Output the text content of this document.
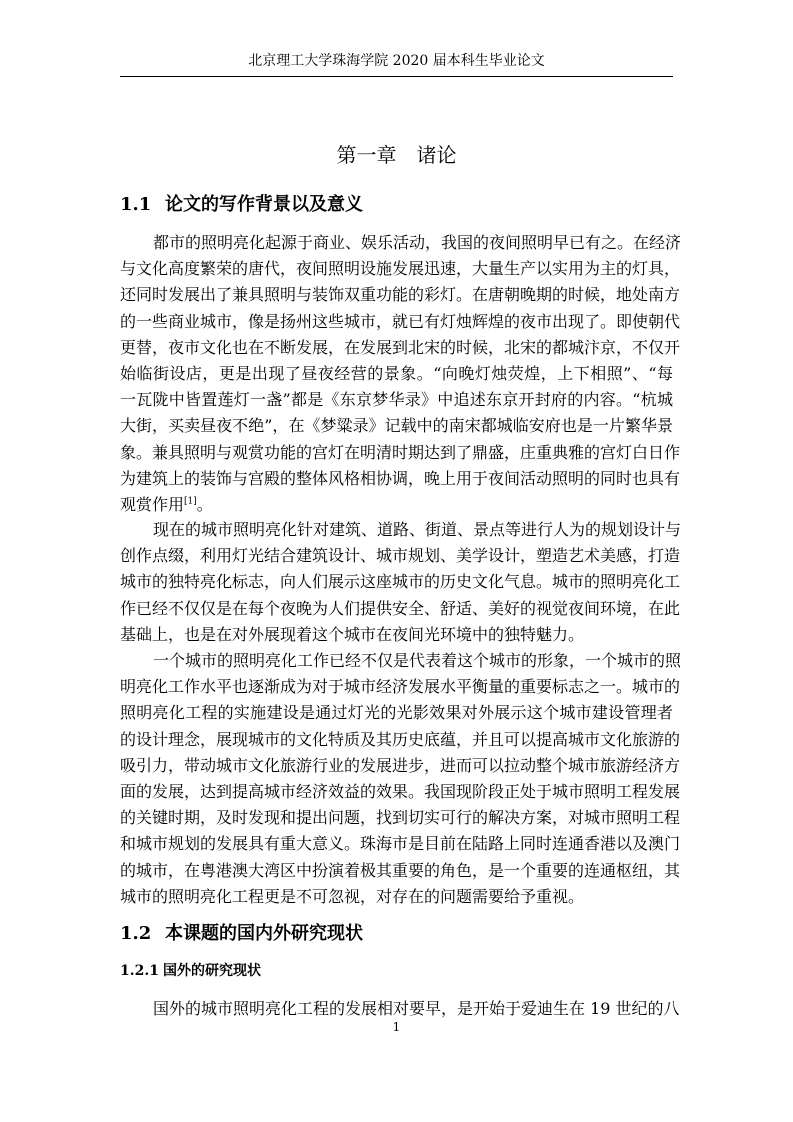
北京理工大学珠海学院 2020 届本科生毕业论文
第一章　诸论
1.1 论文的写作背景以及意义
都市的照明亮化起源于商业、娱乐活动，我国的夜间照明早已有之。在经济
与文化高度繁荣的唐代，夜间照明设施发展迅速，大量生产以实用为主的灯具，
还同时发展出了兼具照明与装饰双重功能的彩灯。在唐朝晚期的时候，地处南方
的一些商业城市，像是扬州这些城市，就已有灯烛辉煌的夜市出现了。即使朝代
更替，夜市文化也在不断发展，在发展到北宋的时候，北宋的都城汴京，不仅开
始临街设店，更是出现了昼夜经营的景象。“向晚灯烛荧煌，上下相照”、“每
一瓦陇中皆置莲灯一盏”都是《东京梦华录》中追述东京开封府的内容。“杭城
大街，买卖昼夜不绝”，在《梦粱录》记载中的南宋都城临安府也是一片繁华景
象。兼具照明与观赏功能的宫灯在明清时期达到了鼎盛，庄重典雅的宫灯白日作
为建筑上的装饰与宫殿的整体风格相协调，晚上用于夜间活动照明的同时也具有
观赏作用[1]。
现在的城市照明亮化针对建筑、道路、街道、景点等进行人为的规划设计与
创作点缀，利用灯光结合建筑设计、城市规划、美学设计，塑造艺术美感，打造
城市的独特亮化标志，向人们展示这座城市的历史文化气息。城市的照明亮化工
作已经不仅仅是在每个夜晚为人们提供安全、舒适、美好的视觉夜间环境，在此
基础上，也是在对外展现着这个城市在夜间光环境中的独特魅力。
一个城市的照明亮化工作已经不仅是代表着这个城市的形象，一个城市的照
明亮化工作水平也逐渐成为对于城市经济发展水平衡量的重要标志之一。城市的
照明亮化工程的实施建设是通过灯光的光影效果对外展示这个城市建设管理者
的设计理念，展现城市的文化特质及其历史底蕴，并且可以提高城市文化旅游的
吸引力，带动城市文化旅游行业的发展进步，进而可以拉动整个城市旅游经济方
面的发展，达到提高城市经济效益的效果。我国现阶段正处于城市照明工程发展
的关键时期，及时发现和提出问题，找到切实可行的解决方案，对城市照明工程
和城市规划的发展具有重大意义。珠海市是目前在陆路上同时连通香港以及澳门
的城市，在粤港澳大湾区中扮演着极其重要的角色，是一个重要的连通枢纽，其
城市的照明亮化工程更是不可忽视，对存在的问题需要给予重视。
1.2 本课题的国内外研究现状
1.2.1 国外的研究现状
国外的城市照明亮化工程的发展相对要早，是开始于爱迪生在 19 世纪的八
1
